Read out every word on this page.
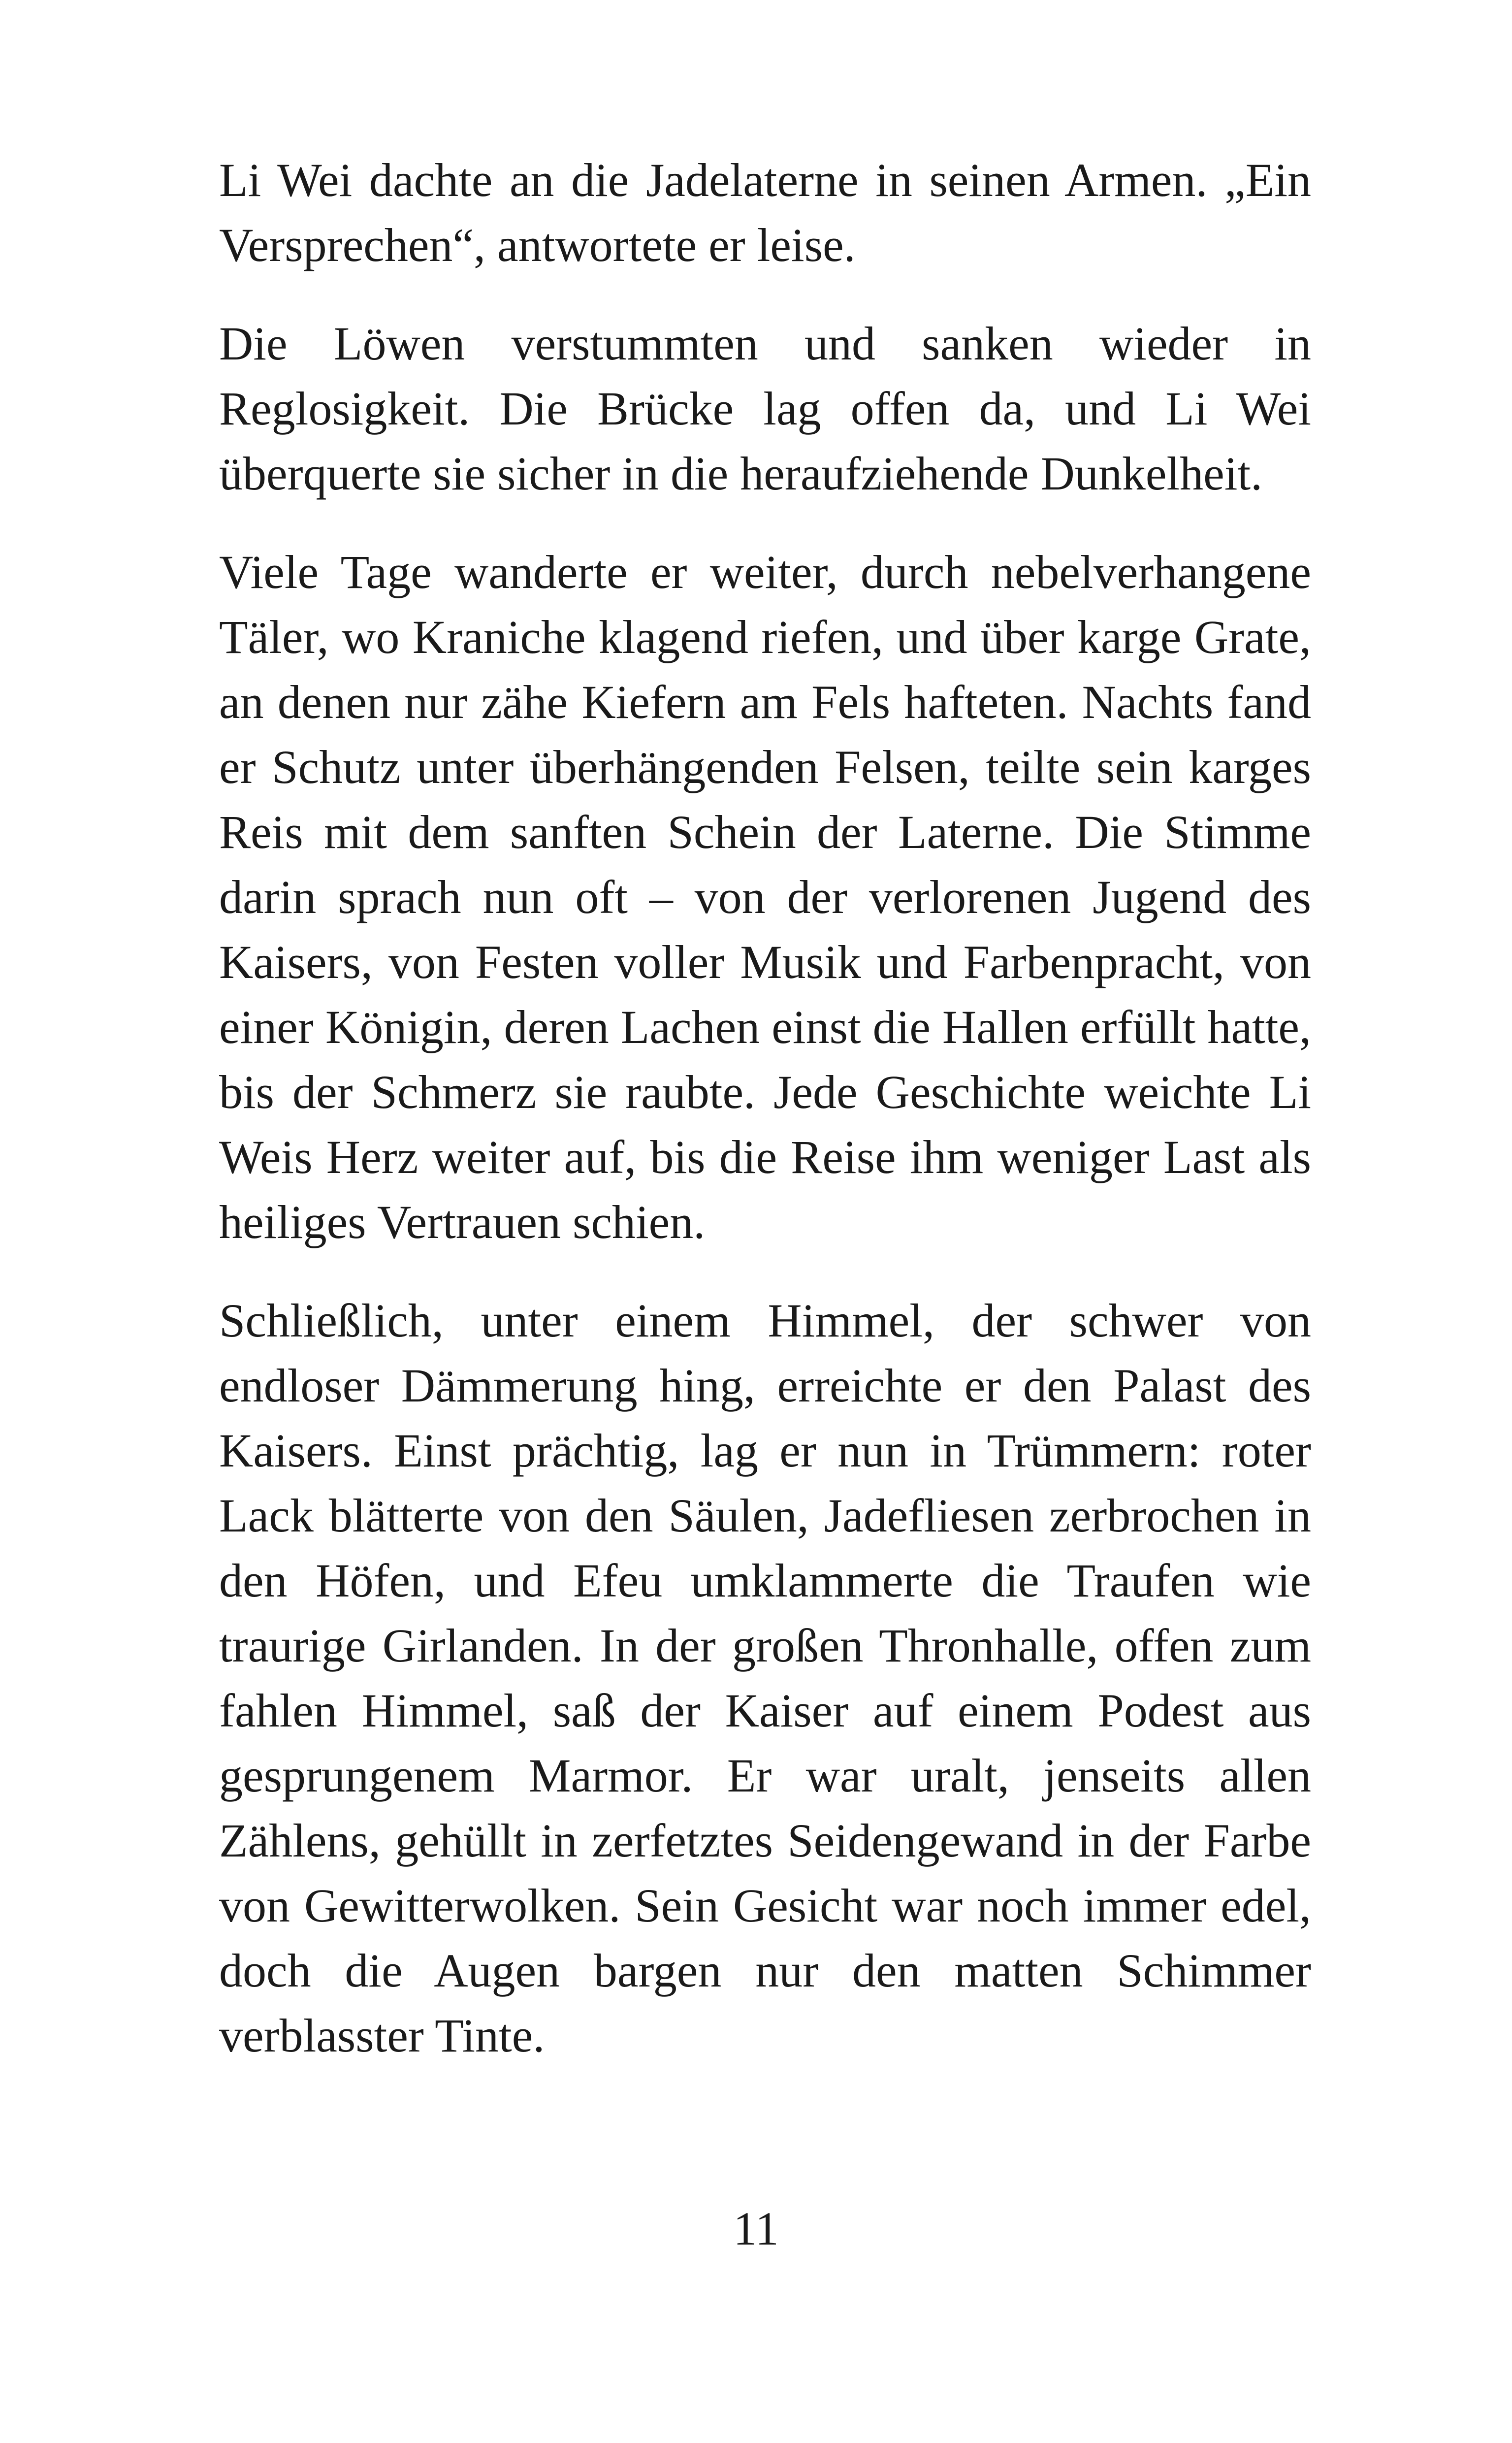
Li Wei dachte an die Jadelaterne in seinen Armen. „Ein Versprechen“, antwortete er leise.

Die Löwen verstummten und sanken wieder in Reglosigkeit. Die Brücke lag offen da, und Li Wei überquerte sie sicher in die heraufziehende Dunkelheit.

Viele Tage wanderte er weiter, durch nebelverhangene Täler, wo Kraniche klagend riefen, und über karge Grate, an denen nur zähe Kiefern am Fels hafteten. Nachts fand er Schutz unter überhängenden Felsen, teilte sein karges Reis mit dem sanften Schein der Laterne. Die Stimme darin sprach nun oft – von der verlorenen Jugend des Kaisers, von Festen voller Musik und Farbenpracht, von einer Königin, deren Lachen einst die Hallen erfüllt hatte, bis der Schmerz sie raubte. Jede Geschichte weichte Li Weis Herz weiter auf, bis die Reise ihm weniger Last als heiliges Vertrauen schien.

Schließlich, unter einem Himmel, der schwer von endloser Dämmerung hing, erreichte er den Palast des Kaisers. Einst prächtig, lag er nun in Trümmern: roter Lack blätterte von den Säulen, Jadefliesen zerbrochen in den Höfen, und Efeu umklammerte die Traufen wie traurige Girlanden. In der großen Thronhalle, offen zum fahlen Himmel, saß der Kaiser auf einem Podest aus gesprungenem Marmor. Er war uralt, jenseits allen Zählens, gehüllt in zerfetztes Seidengewand in der Farbe von Gewitterwolken. Sein Gesicht war noch immer edel, doch die Augen bargen nur den matten Schimmer verblasster Tinte.

11
